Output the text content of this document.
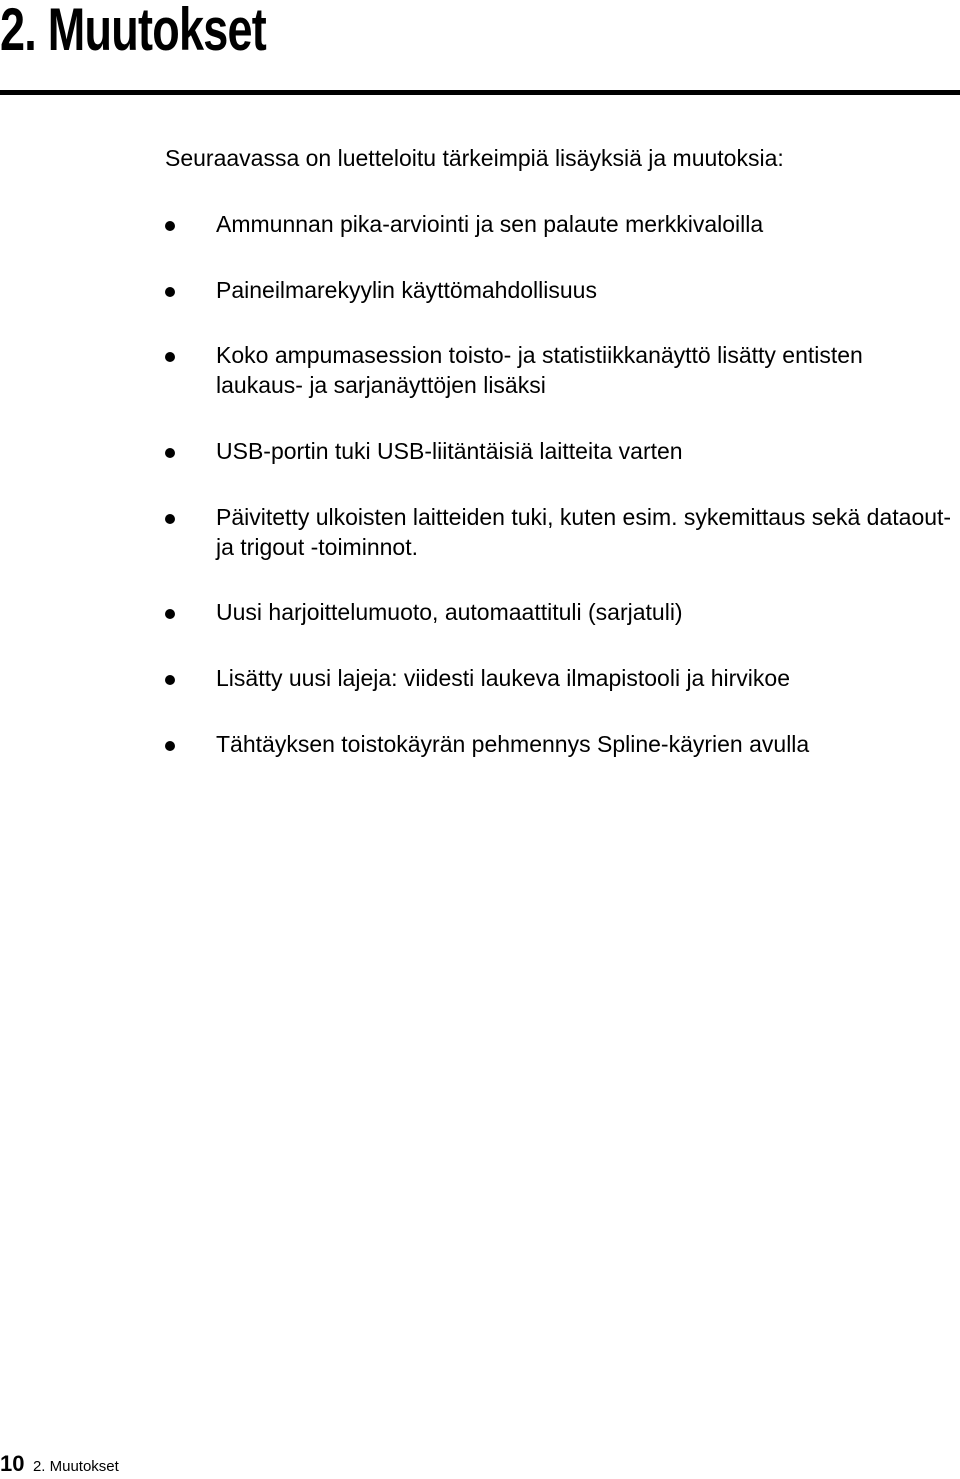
2. Muutokset

Seuraavassa on luetteloitu tärkeimpiä lisäyksiä ja muutoksia:

Ammunnan pika-arviointi ja sen palaute merkkivaloilla
Paineilmarekyylin käyttömahdollisuus
Koko ampumasession toisto- ja statistiikkanäyttö lisätty entisten laukaus- ja sarjanäyttöjen lisäksi
USB-portin tuki USB-liitäntäisiä laitteita varten
Päivitetty ulkoisten laitteiden tuki, kuten esim. sykemittaus sekä dataout- ja trigout -toiminnot.
Uusi harjoittelumuoto, automaattituli (sarjatuli)
Lisätty uusi lajeja: viidesti laukeva ilmapistooli ja hirvikoe
Tähtäyksen toistokäyrän pehmennys Spline-käyrien avulla
10 2. Muutokset
